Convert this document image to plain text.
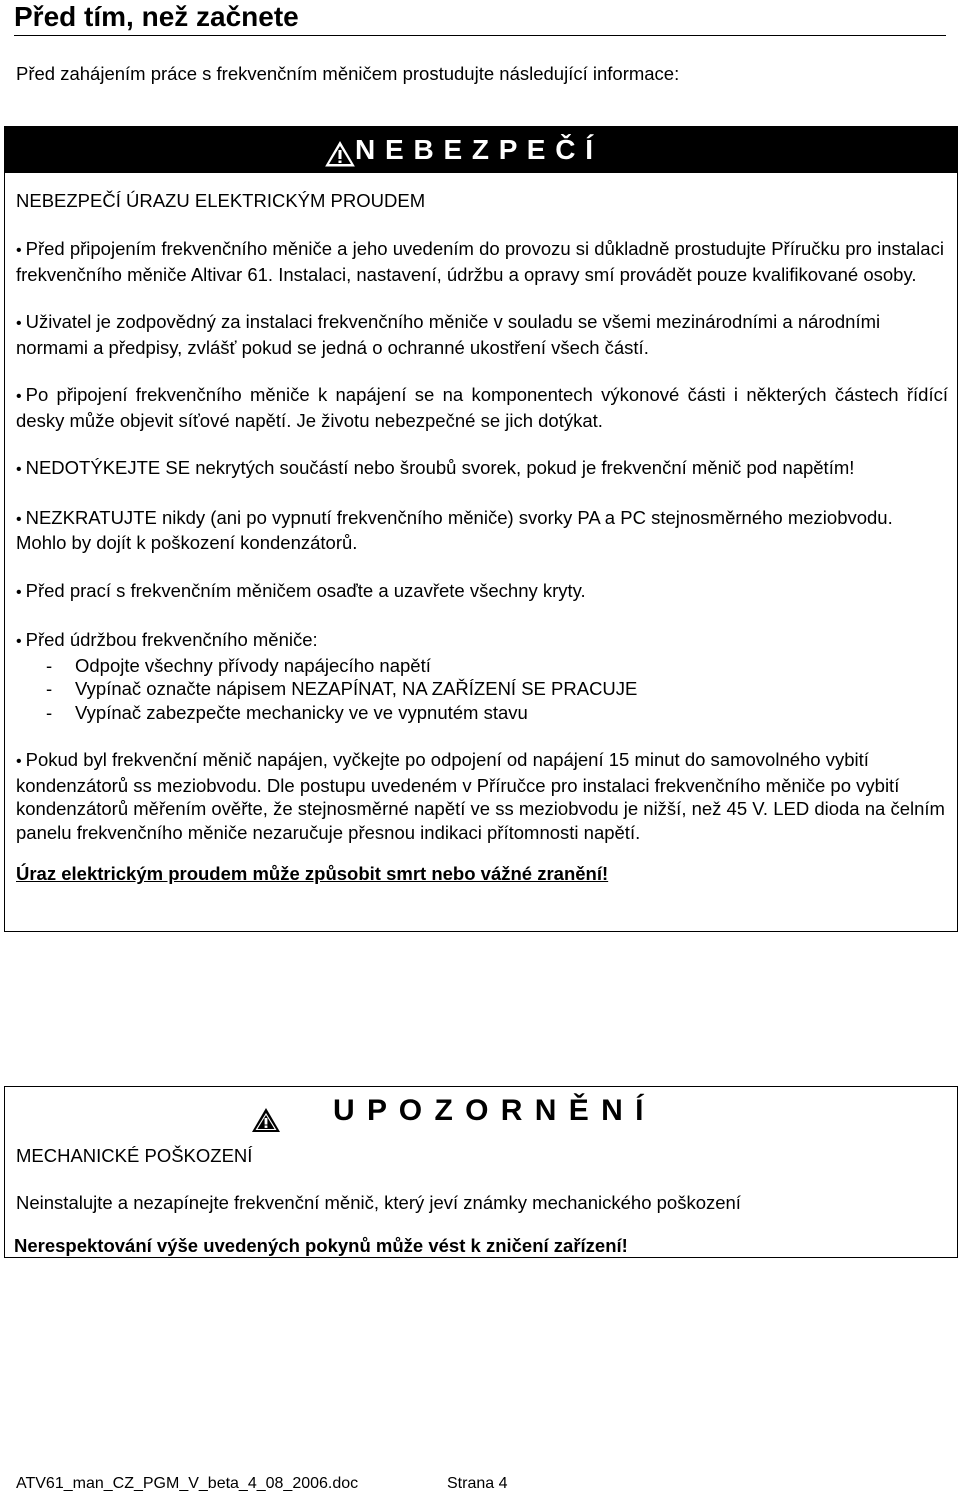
Před tím, než začnete
Před zahájením práce s frekvenčním měničem prostudujte následující informace:
N E B E Z P E Č Í
NEBEZPEČÍ ÚRAZU ELEKTRICKÝM PROUDEM

• Před připojením frekvenčního měniče a jeho uvedením do provozu si důkladně prostudujte Příručku pro instalaci frekvenčního měniče Altivar 61. Instalaci, nastavení, údržbu a opravy smí provádět pouze kvalifikované osoby.

• Uživatel je zodpovědný za instalaci frekvenčního měniče v souladu se všemi mezinárodními a národními normami a předpisy, zvlášť pokud se jedná o ochranné ukostření všech částí.

• Po připojení frekvenčního měniče k napájení se na komponentech výkonové části i některých částech řídící desky může objevit síťové napětí. Je životu nebezpečné se jich dotýkat.

• NEDOTÝKEJTE SE nekrytých součástí nebo šroubů svorek, pokud je frekvenční měnič pod napětím!

• NEZKRATUJTE nikdy (ani po vypnutí frekvenčního měniče) svorky PA a PC stejnosměrného meziobvodu. Mohlo by dojít k poškození kondenzátorů.

• Před prací s frekvenčním měničem osaďte a uzavřete všechny kryty.

• Před údržbou frekvenčního měniče:

- Odpojte všechny přívody napájecího napětí
- Vypínač označte nápisem NEZAPÍNAT, NA ZAŘÍZENÍ SE PRACUJE
- Vypínač zabezpečte mechanicky ve ve vypnutém stavu

• Pokud byl frekvenční měnič napájen, vyčkejte po odpojení od napájení 15 minut do samovolného vybití kondenzátorů ss meziobvodu. Dle postupu uvedeném v Příručce pro instalaci frekvenčního měniče po vybití kondenzátorů měřením ověřte, že stejnosměrné napětí ve ss meziobvodu je nižší, než 45 V. LED dioda na čelním panelu frekvenčního měniče nezaručuje přesnou indikaci přítomnosti napětí.

Úraz elektrickým proudem může způsobit smrt nebo vážné zranění!
U P O Z O R N Ě N Í
MECHANICKÉ POŠKOZENÍ
Neinstalujte a nezapínejte frekvenční měnič, který jeví známky mechanického poškození
Nerespektování výše uvedených pokynů může vést k zničení zařízení!
ATV61_man_CZ_PGM_V_beta_4_08_2006.doc	Strana 4
